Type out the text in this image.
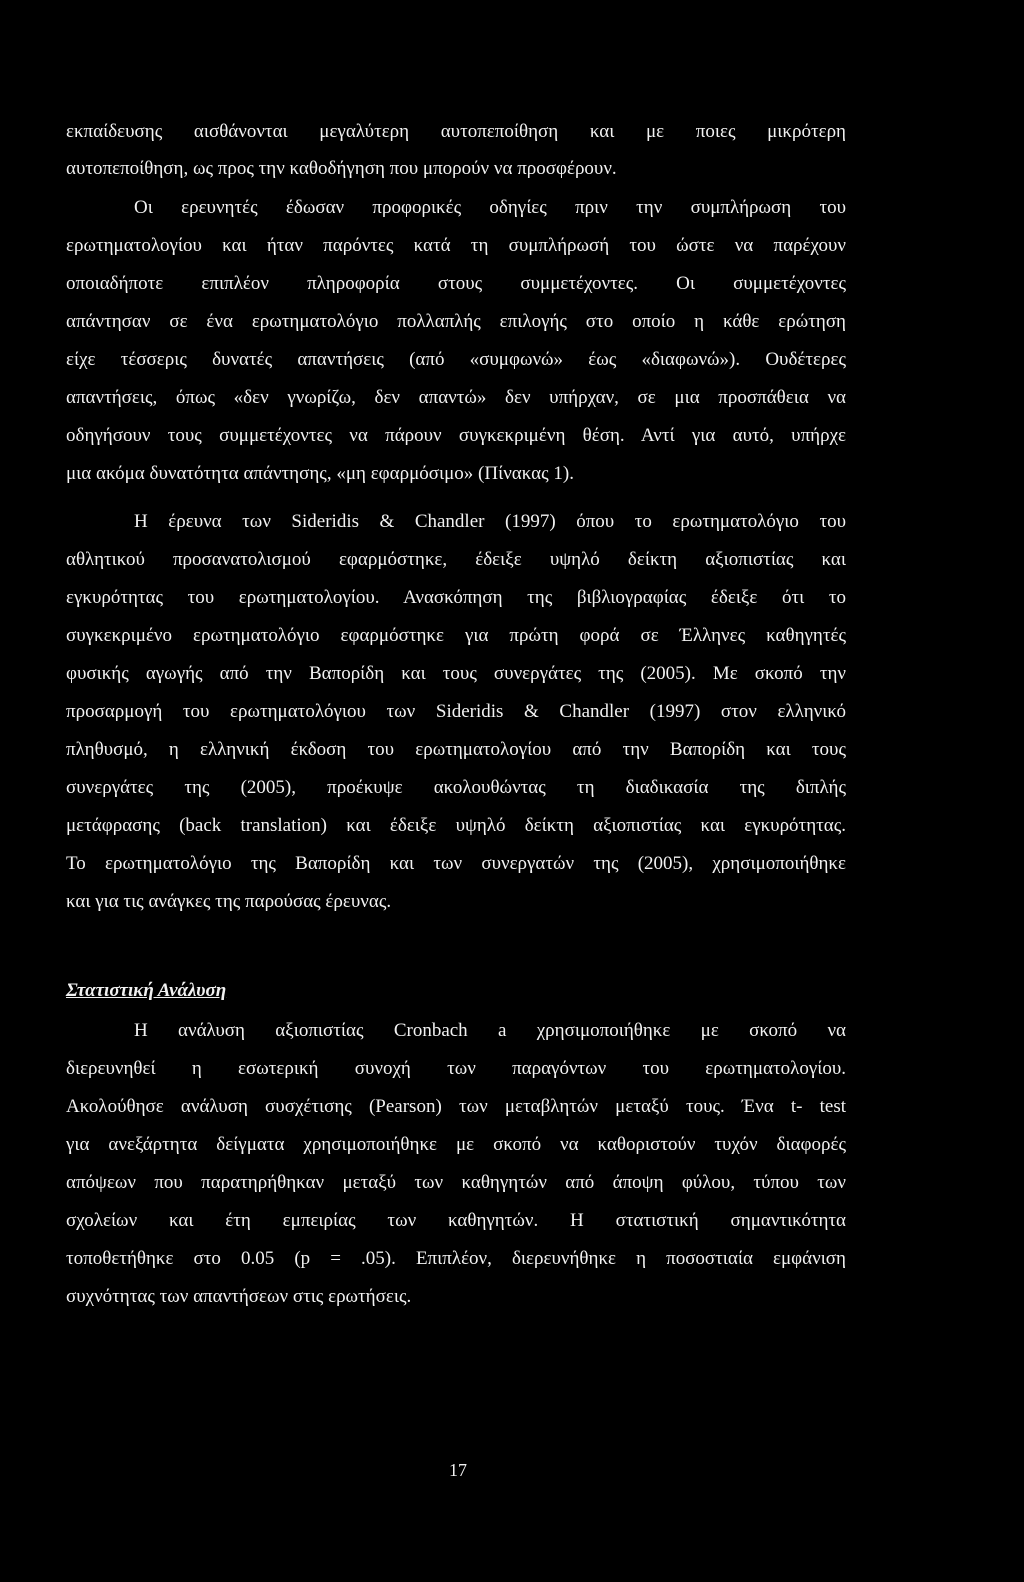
εκπαίδευσης αισθάνονται μεγαλύτερη αυτοπεποίθηση και με ποιες μικρότερη
αυτοπεποίθηση, ως προς την καθοδήγηση που μπορούν να προσφέρουν.
Οι ερευνητές έδωσαν προφορικές οδηγίες πριν την συμπλήρωση του
ερωτηματολογίου και ήταν παρόντες κατά τη συμπλήρωσή του ώστε να παρέχουν
οποιαδήποτε επιπλέον πληροφορία στους συμμετέχοντες. Οι συμμετέχοντες
απάντησαν σε ένα ερωτηματολόγιο πολλαπλής επιλογής στο οποίο η κάθε ερώτηση
είχε τέσσερις δυνατές απαντήσεις (από «συμφωνώ» έως «διαφωνώ»). Ουδέτερες
απαντήσεις, όπως «δεν γνωρίζω, δεν απαντώ» δεν υπήρχαν, σε μια προσπάθεια να
οδηγήσουν τους συμμετέχοντες να πάρουν συγκεκριμένη θέση. Αντί για αυτό, υπήρχε
μια ακόμα δυνατότητα απάντησης, «μη εφαρμόσιμο» (Πίνακας 1).
Η έρευνα των Sideridis & Chandler (1997) όπου το ερωτηματολόγιο του
αθλητικού προσανατολισμού εφαρμόστηκε, έδειξε υψηλό δείκτη αξιοπιστίας και
εγκυρότητας του ερωτηματολογίου. Ανασκόπηση της βιβλιογραφίας έδειξε ότι το
συγκεκριμένο ερωτηματολόγιο εφαρμόστηκε για πρώτη φορά σε Έλληνες καθηγητές
φυσικής αγωγής από την Βαπορίδη και τους συνεργάτες της (2005). Με σκοπό την
προσαρμογή του ερωτηματολόγιου των Sideridis & Chandler (1997) στον ελληνικό
πληθυσμό, η ελληνική έκδοση του ερωτηματολογίου από την Βαπορίδη και τους
συνεργάτες της (2005), προέκυψε ακολουθώντας τη διαδικασία της διπλής
μετάφρασης (back translation) και έδειξε υψηλό δείκτη αξιοπιστίας και εγκυρότητας.
Το ερωτηματολόγιο της Βαπορίδη και των συνεργατών της (2005), χρησιμοποιήθηκε
και για τις ανάγκες της παρούσας έρευνας.
Στατιστική Ανάλυση
Η ανάλυση αξιοπιστίας Cronbach a χρησιμοποιήθηκε με σκοπό να
διερευνηθεί η εσωτερική συνοχή των παραγόντων του ερωτηματολογίου.
Ακολούθησε ανάλυση συσχέτισης (Pearson) των μεταβλητών μεταξύ τους. Ένα t- test
για ανεξάρτητα δείγματα χρησιμοποιήθηκε με σκοπό να καθοριστούν τυχόν διαφορές
απόψεων που παρατηρήθηκαν μεταξύ των καθηγητών από άποψη φύλου, τύπου των
σχολείων και έτη εμπειρίας των καθηγητών. Η στατιστική σημαντικότητα
τοποθετήθηκε στο 0.05 (p = .05). Επιπλέον, διερευνήθηκε η ποσοστιαία εμφάνιση
συχνότητας των απαντήσεων στις ερωτήσεις.
17
